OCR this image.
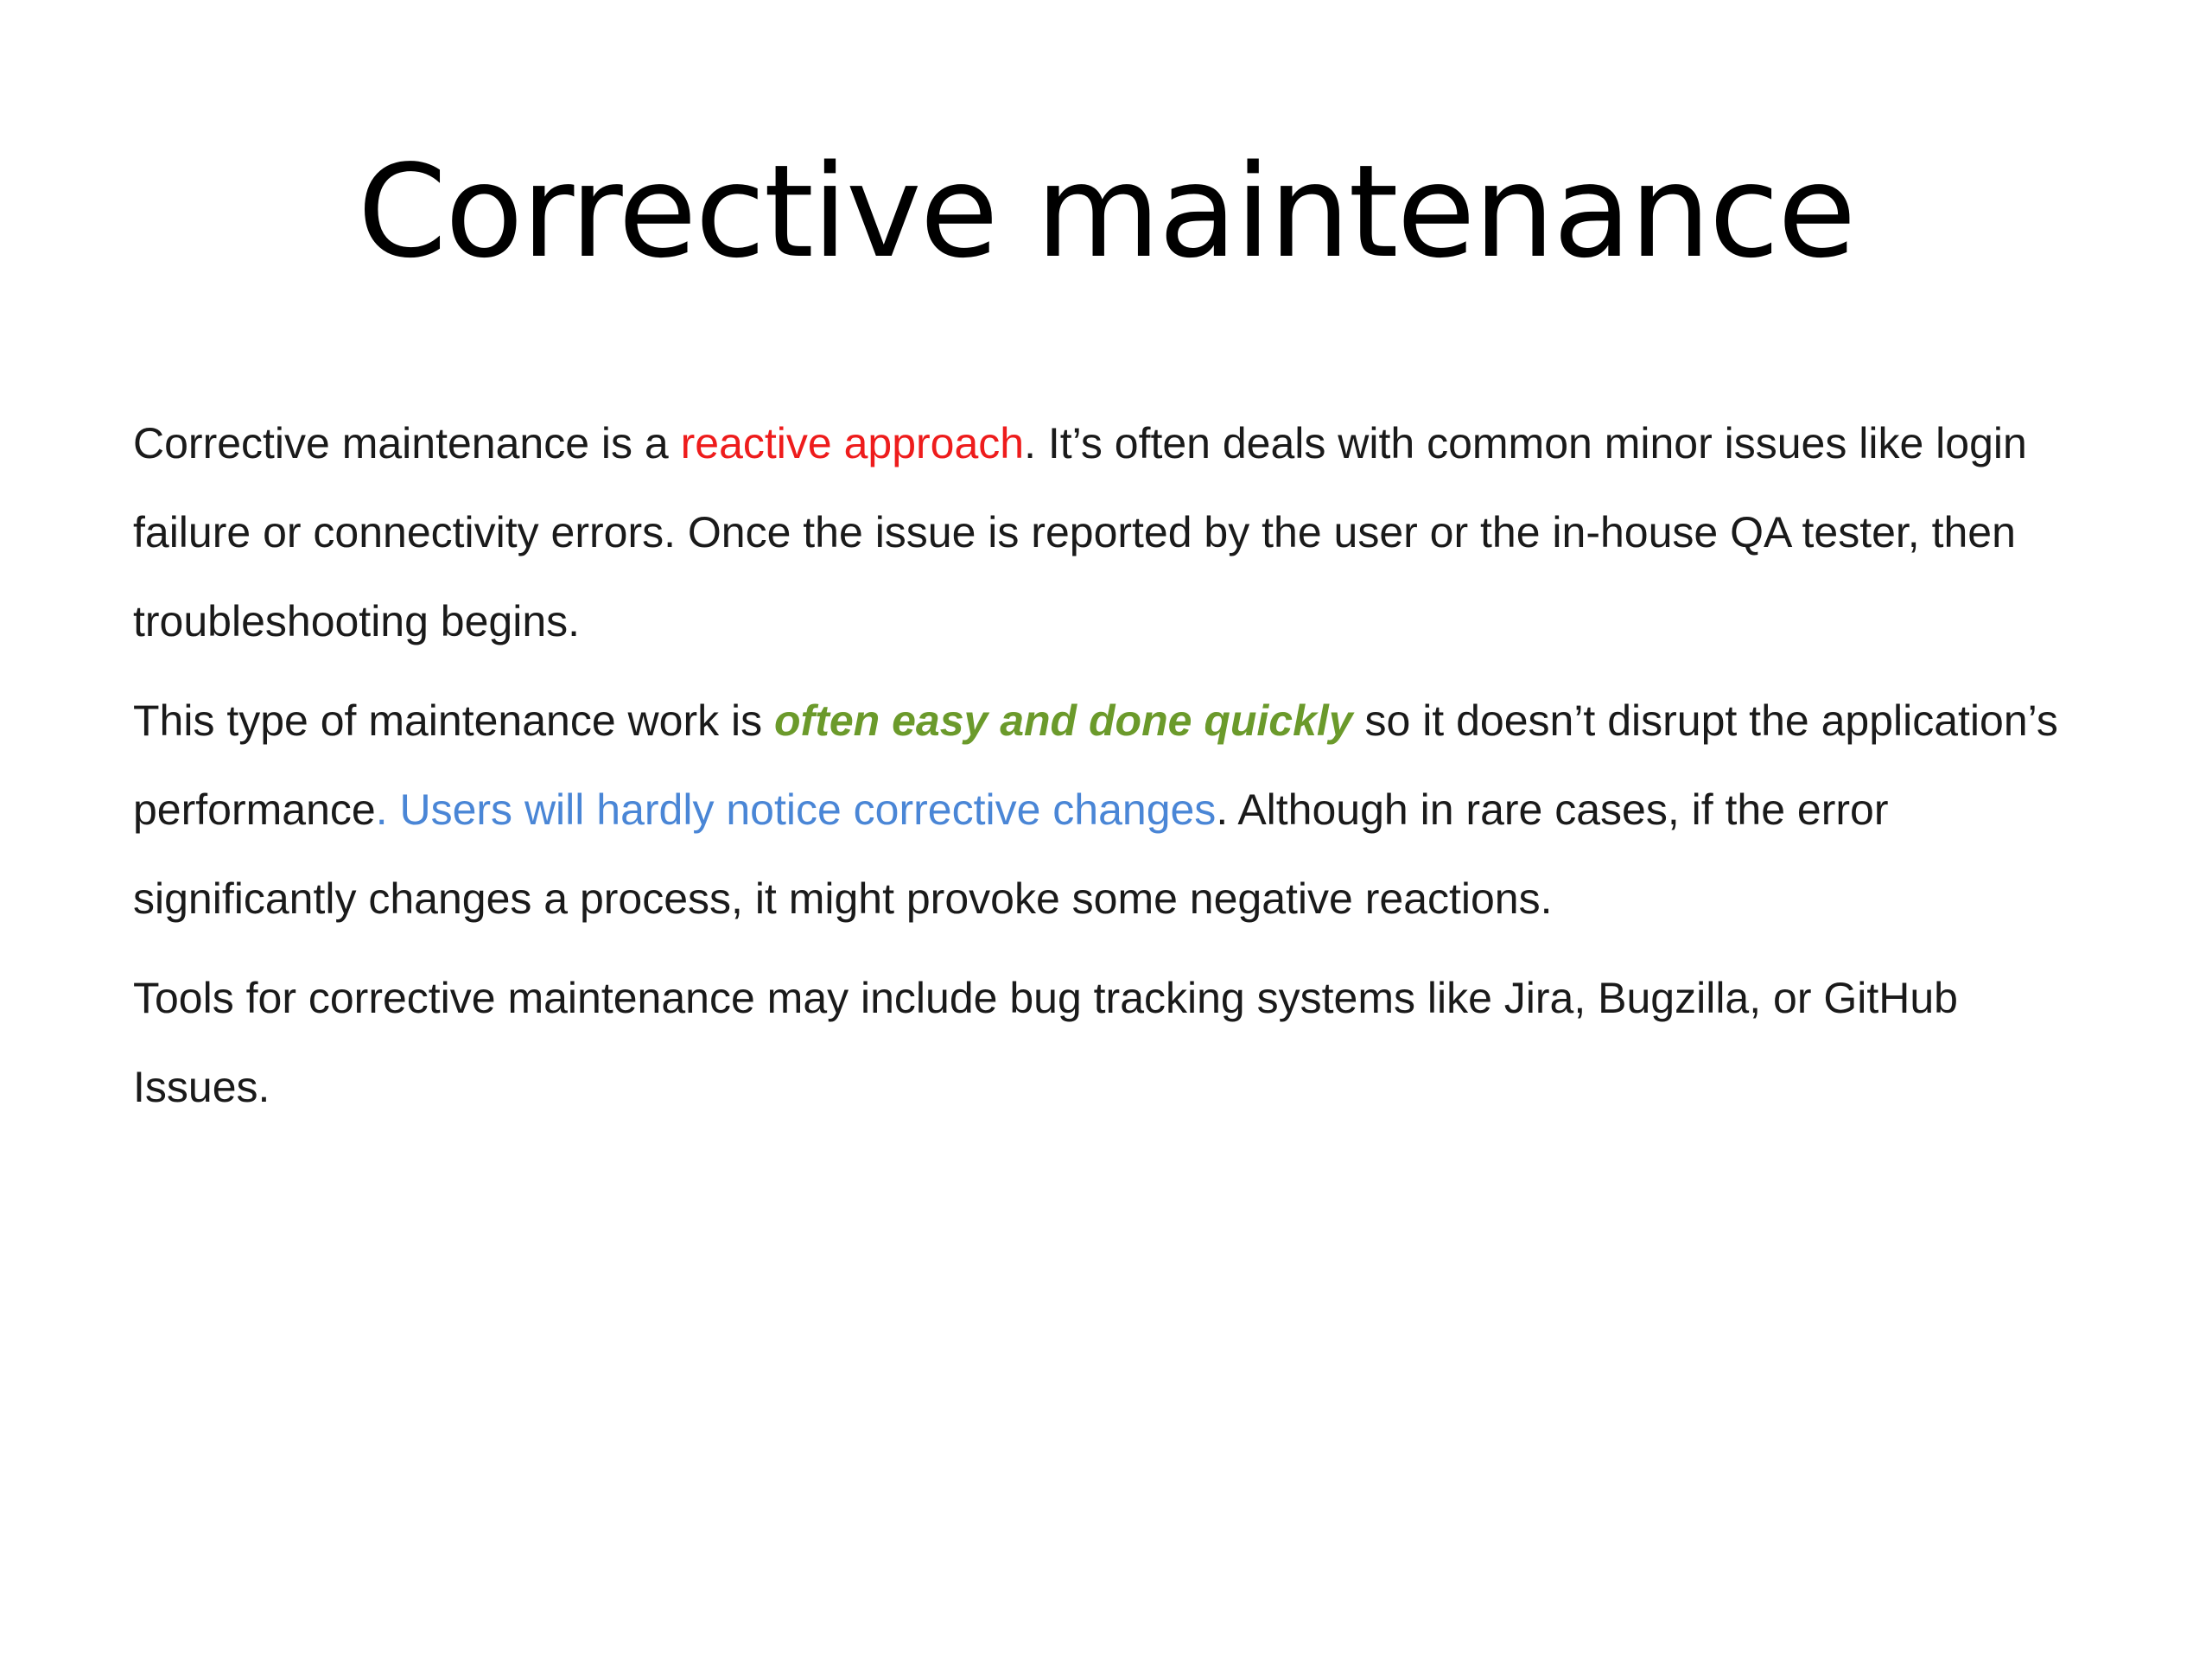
Corrective maintenance

Corrective maintenance is a reactive approach. It’s often deals with common minor issues like login failure or connectivity errors. Once the issue is reported by the user or the in-house QA tester, then troubleshooting begins.

This type of maintenance work is often easy and done quickly so it doesn’t disrupt the application’s performance. Users will hardly notice corrective changes. Although in rare cases, if the error significantly changes a process, it might provoke some negative reactions.

Tools for corrective maintenance may include bug tracking systems like Jira, Bugzilla, or GitHub Issues.
